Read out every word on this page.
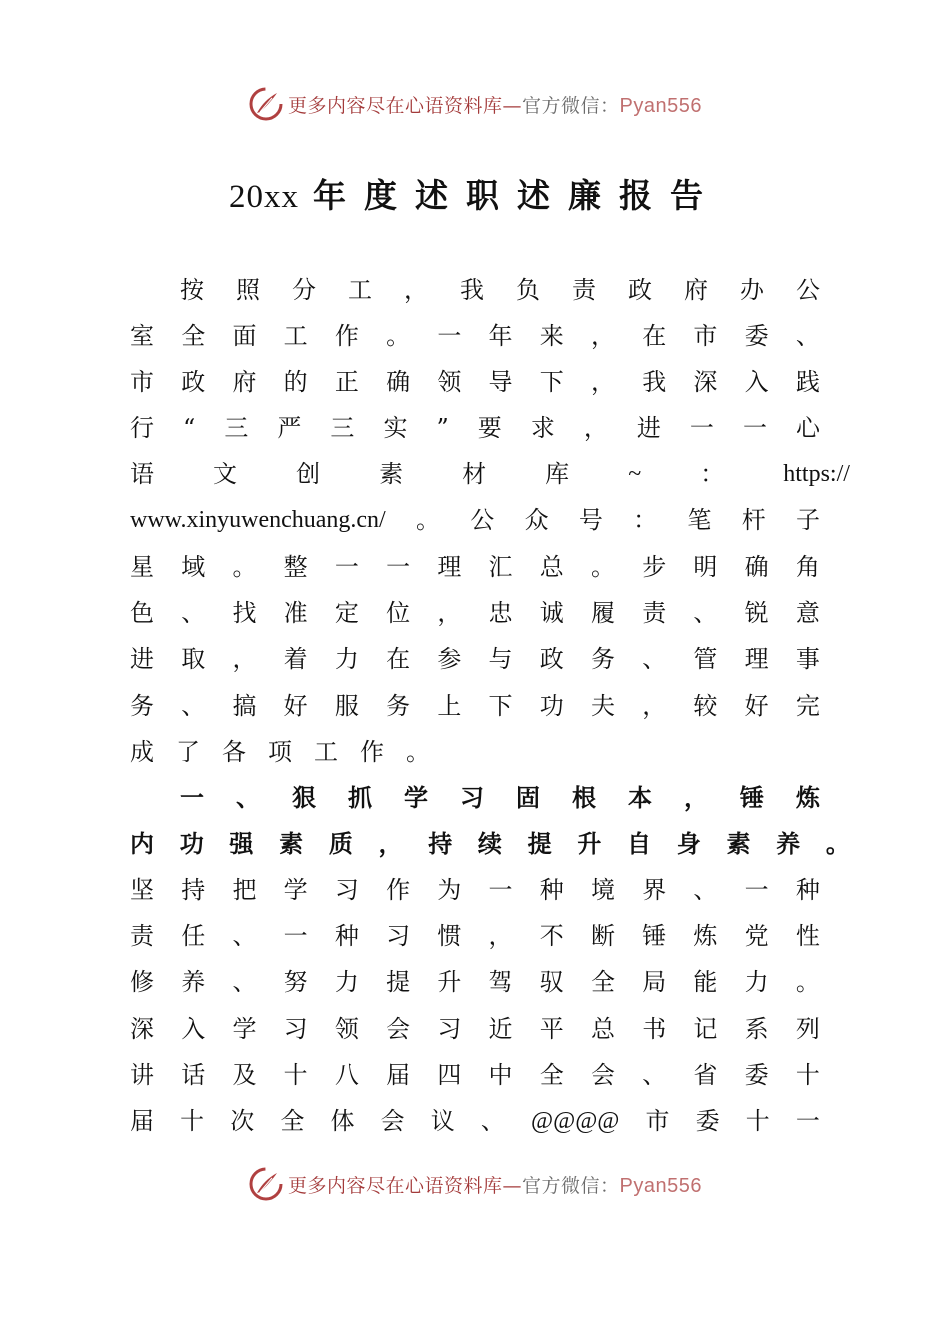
更多内容尽在心语资料库—官方微信：Pyan556
20xx 年度述职述廉报告
按 照 分 工 ， 我 负 责 政 府 办 公
室 全 面 工 作 。 一 年 来 ， 在 市 委 、
市 政 府 的 正 确 领 导 下 ， 我 深 入 践
行 “ 三 严 三 实 ” 要 求 ， 进 一 一 心
语 文 创 素 材 库 ~ ： https://
www.xinyuwenchuang.cn/ 。 公 众 号 ： 笔 杆 子
星 域 。 整 一 一 理 汇 总 。 步 明 确 角
色 、 找 准 定 位 ， 忠 诚 履 责 、 锐 意
进 取 ， 着 力 在 参 与 政 务 、 管 理 事
务 、 搞 好 服 务 上 下 功 夫 ， 较 好 完
成了各项工作。
一 、 狠 抓 学 习 固 根 本 ， 锤 炼
内 功 强 素 质 ， 持 续 提 升 自 身 素 养 。
坚 持 把 学 习 作 为 一 种 境 界 、 一 种
责 任 、 一 种 习 惯 ， 不 断 锤 炼 党 性
修 养 、 努 力 提 升 驾 驭 全 局 能 力 。
深 入 学 习 领 会 习 近 平 总 书 记 系 列
讲 话 及 十 八 届 四 中 全 会 、 省 委 十
届 十 次 全 体 会 议 、 @@@@ 市 委 十 一
更多内容尽在心语资料库—官方微信：Pyan556
